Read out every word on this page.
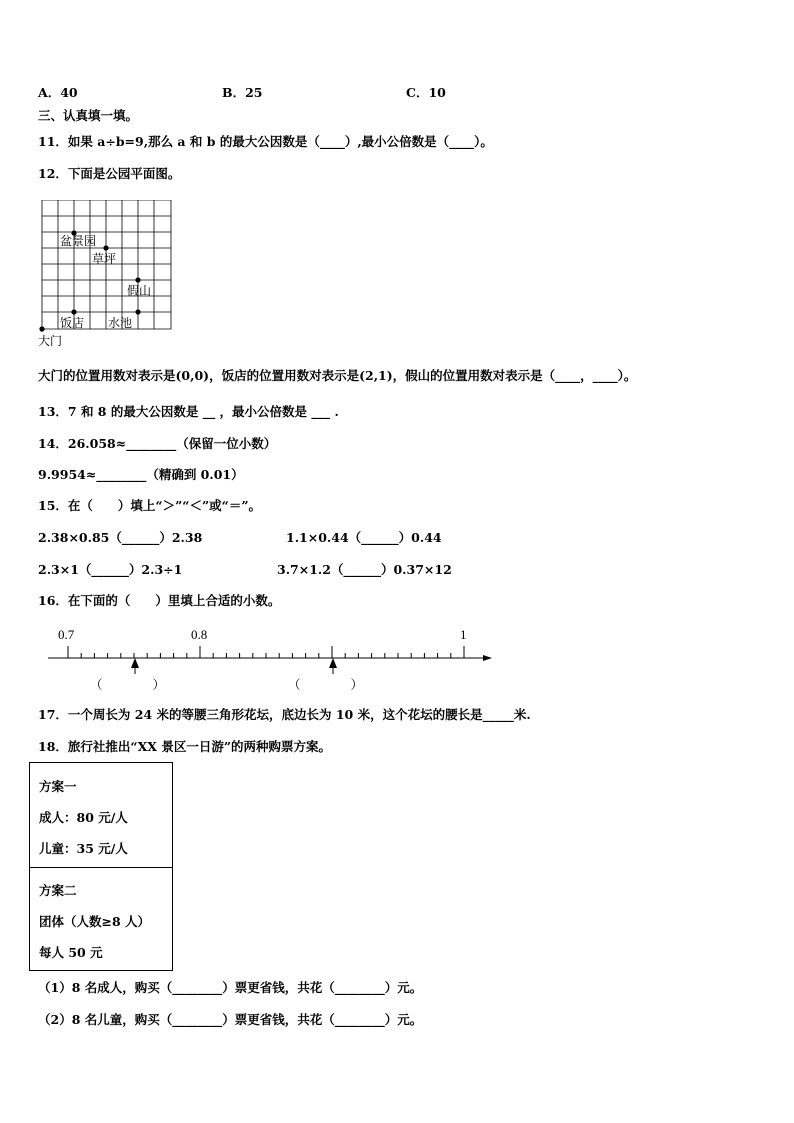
A．40	B．25	C．10
三、认真填一填。
11．如果 a÷b=9,那么 a 和 b 的最大公因数是（____）,最小公倍数是（____）。
12．下面是公园平面图。
盆景园
草坪
假山
饭店 水池
大门
大门的位置用数对表示是(0,0)，饭店的位置用数对表示是(2,1)，假山的位置用数对表示是（____，____）。
13．7 和 8 的最大公因数是 __ ，最小公倍数是 ___ .
14．26.058≈________（保留一位小数）
9.9954≈________（精确到 0.01）
15．在（　　）填上“＞”“＜”或“＝”。
2.38×0.85（______）2.38	1.1×0.44（______）0.44
2.3×1（______）2.3÷1	3.7×1.2（______）0.37×12
16．在下面的（　　）里填上合适的小数。
0.7	0.8	1
（　　　　）	（　　　　）
17．一个周长为 24 米的等腰三角形花坛，底边长为 10 米，这个花坛的腰长是_____米.
18．旅行社推出“XX 景区一日游”的两种购票方案。
方案一
成人：80 元/人
儿童：35 元/人
方案二
团体（人数≥8 人）
每人 50 元
（1）8 名成人，购买（________）票更省钱，共花（________）元。
（2）8 名儿童，购买（________）票更省钱，共花（________）元。
